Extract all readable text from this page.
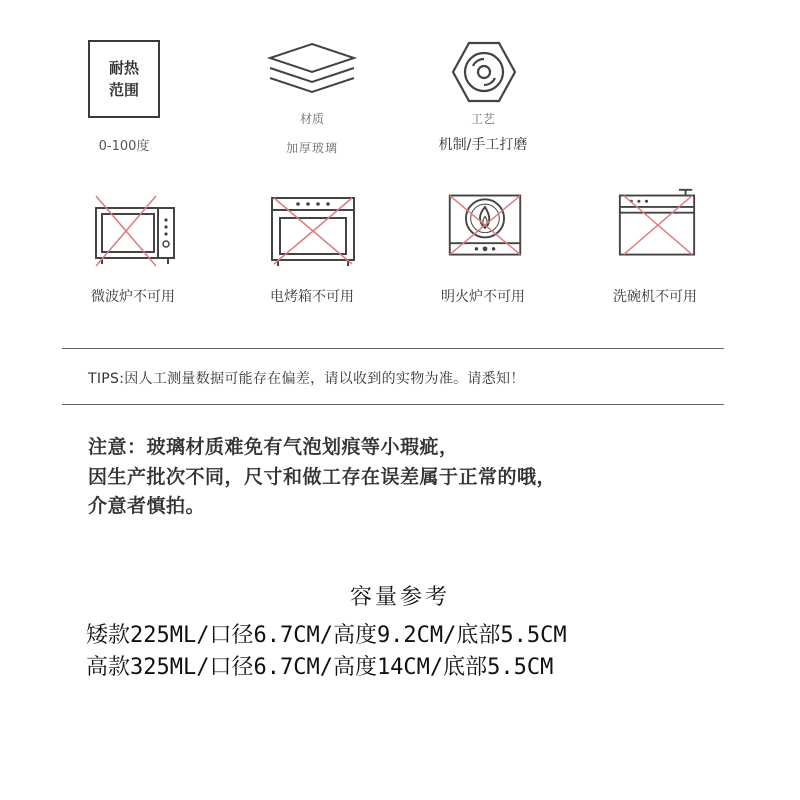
耐热
范围
0-100度
材质
加厚玻璃
工艺
机制/手工打磨
微波炉不可用	电烤箱不可用	明火炉不可用	洗碗机不可用
TIPS:因人工测量数据可能存在偏差，请以收到的实物为准。请悉知！
注意：玻璃材质难免有气泡划痕等小瑕疵，
因生产批次不同，尺寸和做工存在误差属于正常的哦，
介意者慎拍。
容量参考
矮款225ML/口径6.7CM/高度9.2CM/底部5.5CM
高款325ML/口径6.7CM/高度14CM/底部5.5CM
